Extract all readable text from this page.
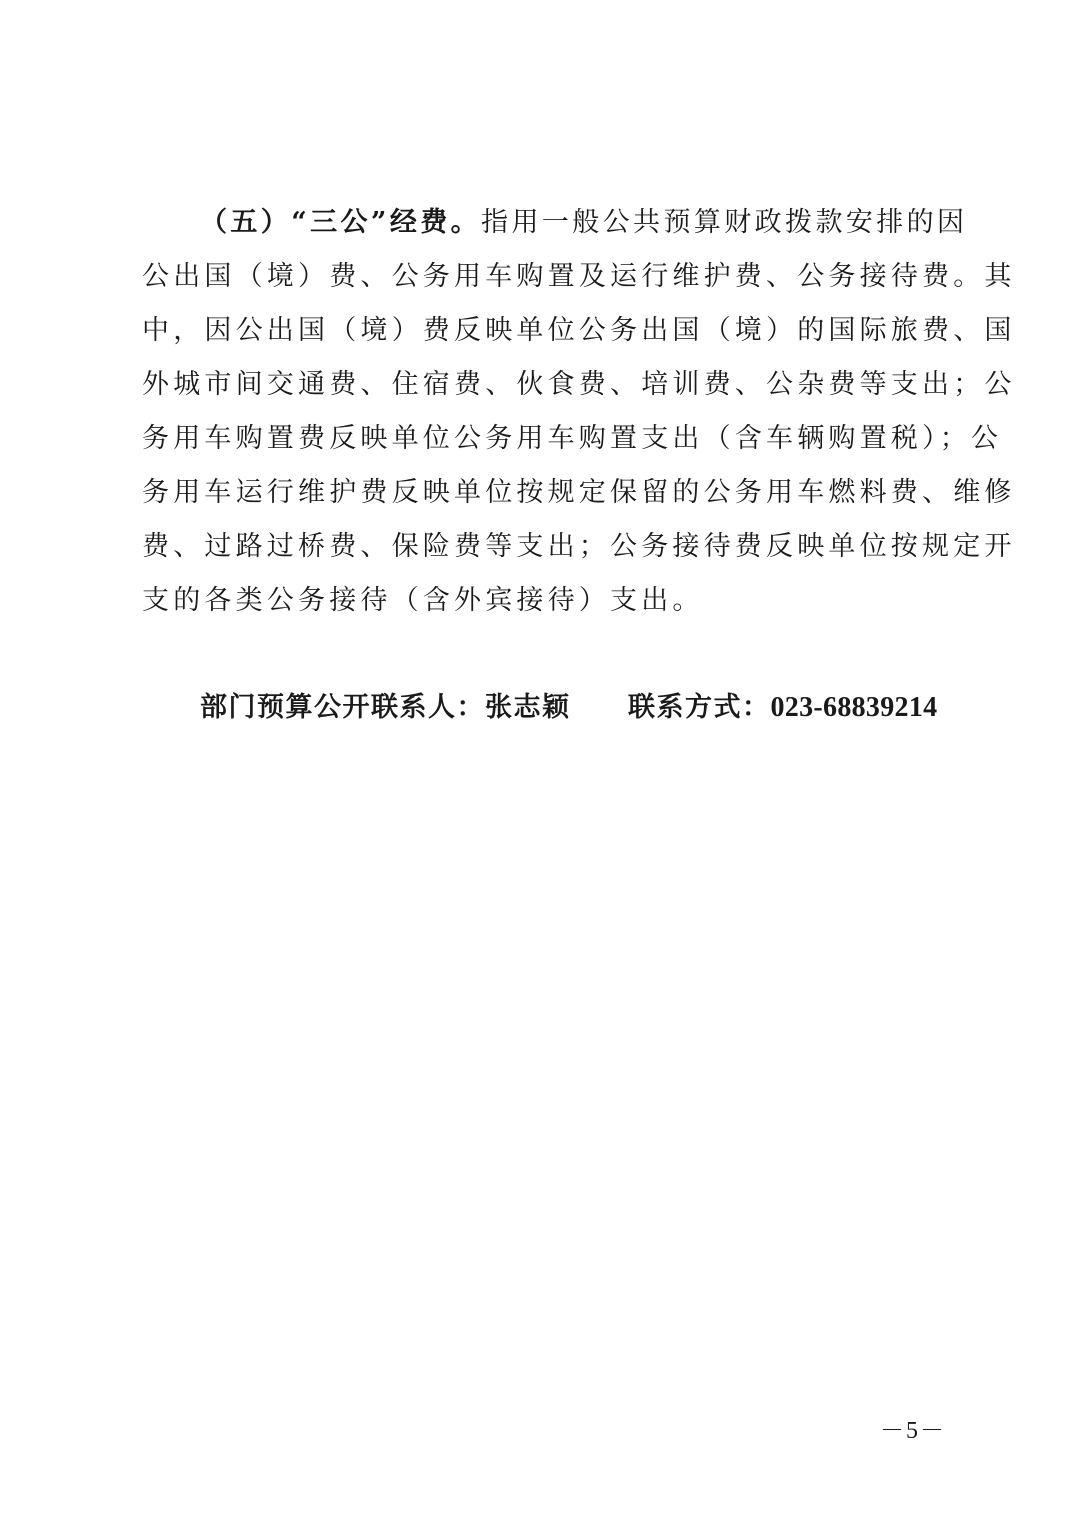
（五）“三公”经费。指用一般公共预算财政拨款安排的因
公出国（境）费、公务用车购置及运行维护费、公务接待费。其
中，因公出国（境）费反映单位公务出国（境）的国际旅费、国
外城市间交通费、住宿费、伙食费、培训费、公杂费等支出；公
务用车购置费反映单位公务用车购置支出（含车辆购置税）；公
务用车运行维护费反映单位按规定保留的公务用车燃料费、维修
费、过路过桥费、保险费等支出；公务接待费反映单位按规定开
支的各类公务接待（含外宾接待）支出。
部门预算公开联系人：张志颖 联系方式：023-68839214
－5－
